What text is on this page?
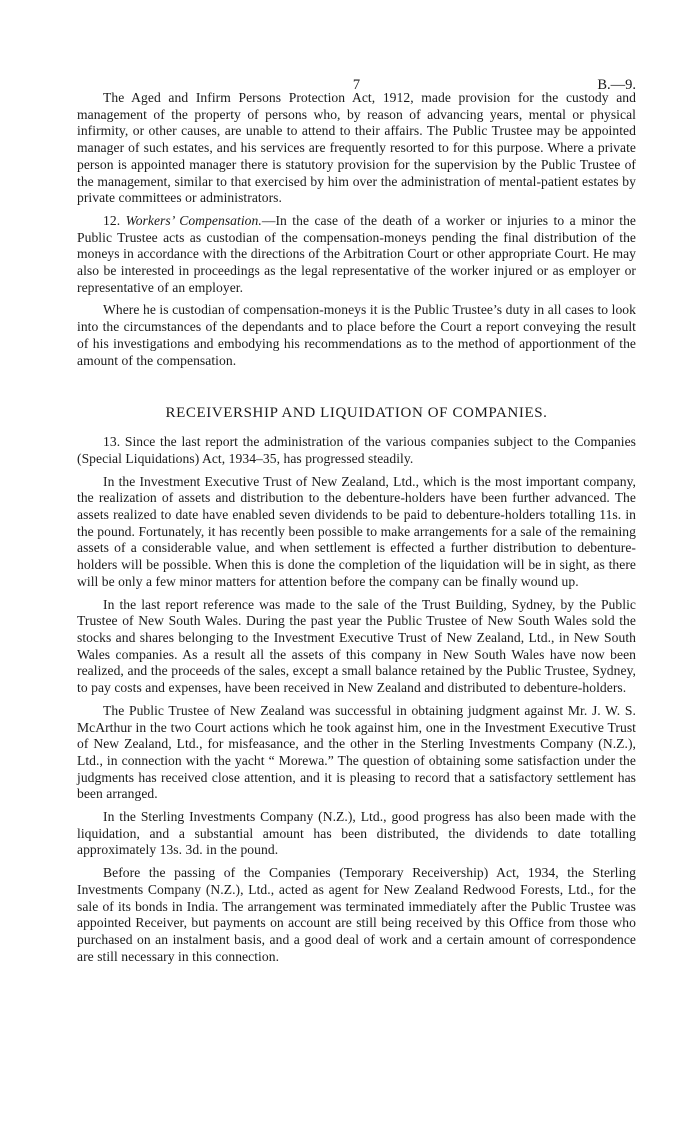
7	B.—9.

The Aged and Infirm Persons Protection Act, 1912, made provision for the custody and management of the property of persons who, by reason of advancing years, mental or physical infirmity, or other causes, are unable to attend to their affairs. The Public Trustee may be appointed manager of such estates, and his services are frequently resorted to for this purpose. Where a private person is appointed manager there is statutory provision for the supervision by the Public Trustee of the management, similar to that exercised by him over the administration of mental-patient estates by private committees or administrators.

12. Workers’ Compensation.—In the case of the death of a worker or injuries to a minor the Public Trustee acts as custodian of the compensation-moneys pending the final distribution of the moneys in accordance with the directions of the Arbitration Court or other appropriate Court. He may also be interested in proceedings as the legal representative of the worker injured or as employer or representative of an employer.

Where he is custodian of compensation-moneys it is the Public Trustee’s duty in all cases to look into the circumstances of the dependants and to place before the Court a report conveying the result of his investigations and embodying his recommendations as to the method of apportionment of the amount of the compensation.

RECEIVERSHIP AND LIQUIDATION OF COMPANIES.

13. Since the last report the administration of the various companies subject to the Companies (Special Liquidations) Act, 1934–35, has progressed steadily.

In the Investment Executive Trust of New Zealand, Ltd., which is the most important company, the realization of assets and distribution to the debenture-holders have been further advanced. The assets realized to date have enabled seven dividends to be paid to debenture-holders totalling 11s. in the pound. Fortunately, it has recently been possible to make arrangements for a sale of the remaining assets of a considerable value, and when settlement is effected a further distribution to debenture-holders will be possible. When this is done the completion of the liquidation will be in sight, as there will be only a few minor matters for attention before the company can be finally wound up.

In the last report reference was made to the sale of the Trust Building, Sydney, by the Public Trustee of New South Wales. During the past year the Public Trustee of New South Wales sold the stocks and shares belonging to the Investment Executive Trust of New Zealand, Ltd., in New South Wales companies. As a result all the assets of this company in New South Wales have now been realized, and the proceeds of the sales, except a small balance retained by the Public Trustee, Sydney, to pay costs and expenses, have been received in New Zealand and distributed to debenture-holders.

The Public Trustee of New Zealand was successful in obtaining judgment against Mr. J. W. S. McArthur in the two Court actions which he took against him, one in the Investment Executive Trust of New Zealand, Ltd., for misfeasance, and the other in the Sterling Investments Company (N.Z.), Ltd., in connection with the yacht “ Morewa.” The question of obtaining some satisfaction under the judgments has received close attention, and it is pleasing to record that a satisfactory settlement has been arranged.

In the Sterling Investments Company (N.Z.), Ltd., good progress has also been made with the liquidation, and a substantial amount has been distributed, the dividends to date totalling approximately 13s. 3d. in the pound.

Before the passing of the Companies (Temporary Receivership) Act, 1934, the Sterling Investments Company (N.Z.), Ltd., acted as agent for New Zealand Redwood Forests, Ltd., for the sale of its bonds in India. The arrangement was terminated immediately after the Public Trustee was appointed Receiver, but payments on account are still being received by this Office from those who purchased on an instalment basis, and a good deal of work and a certain amount of correspondence are still necessary in this connection.
